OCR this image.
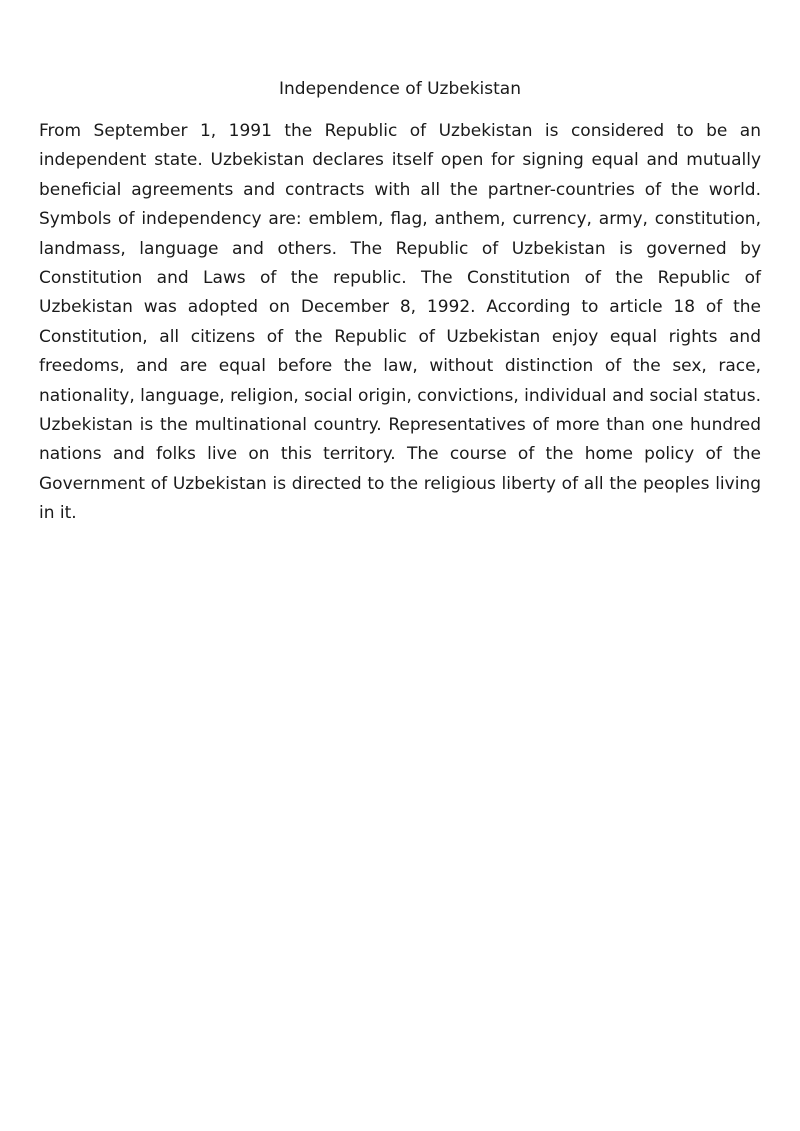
Independence of Uzbekistan

From September 1, 1991 the Republic of Uzbekistan is considered to be an independent state. Uzbekistan declares itself open for signing equal and mutually beneficial agreements and contracts with all the partner-countries of the world. Symbols of independency are: emblem, flag, anthem, currency, army, constitution, landmass, language and others. The Republic of Uzbekistan is governed by Constitution and Laws of the republic. The Constitution of the Republic of Uzbekistan was adopted on December 8, 1992. According to article 18 of the Constitution, all citizens of the Republic of Uzbekistan enjoy equal rights and freedoms, and are equal before the law, without distinction of the sex, race, nationality, language, religion, social origin, convictions, individual and social status. Uzbekistan is the multinational country. Representatives of more than one hundred nations and folks live on this territory. The course of the home policy of the Government of Uzbekistan is directed to the religious liberty of all the peoples living in it.
